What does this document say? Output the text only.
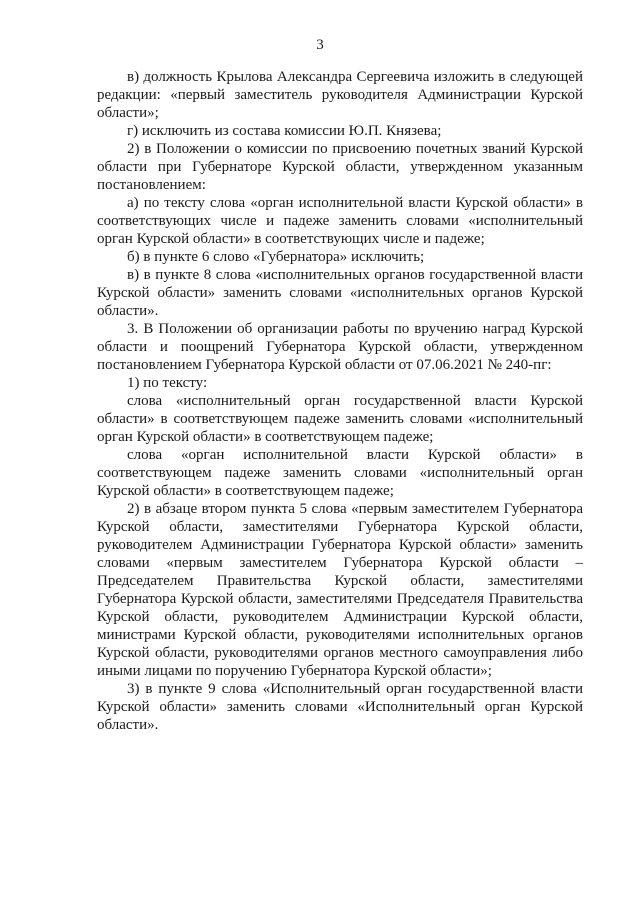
3

в) должность Крылова Александра Сергеевича изложить в следующей редакции: «первый заместитель руководителя Администрации Курской области»;

г) исключить из состава комиссии Ю.П. Князева;

2) в Положении о комиссии по присвоению почетных званий Курской области при Губернаторе Курской области, утвержденном указанным постановлением:

а) по тексту слова «орган исполнительной власти Курской области» в соответствующих числе и падеже заменить словами «исполнительный орган Курской области» в соответствующих числе и падеже;

б) в пункте 6 слово «Губернатора» исключить;

в) в пункте 8 слова «исполнительных органов государственной власти Курской области» заменить словами «исполнительных органов Курской области».

3. В Положении об организации работы по вручению наград Курской области и поощрений Губернатора Курской области, утвержденном постановлением Губернатора Курской области от 07.06.2021 № 240-пг:

1) по тексту:

слова «исполнительный орган государственной власти Курской области» в соответствующем падеже заменить словами «исполнительный орган Курской области» в соответствующем падеже;

слова «орган исполнительной власти Курской области» в соответствующем падеже заменить словами «исполнительный орган Курской области» в соответствующем падеже;

2) в абзаце втором пункта 5 слова «первым заместителем Губернатора Курской области, заместителями Губернатора Курской области, руководителем Администрации Губернатора Курской области» заменить словами «первым заместителем Губернатора Курской области – Председателем Правительства Курской области, заместителями Губернатора Курской области, заместителями Председателя Правительства Курской области, руководителем Администрации Курской области, министрами Курской области, руководителями исполнительных органов Курской области, руководителями органов местного самоуправления либо иными лицами по поручению Губернатора Курской области»;

3) в пункте 9 слова «Исполнительный орган государственной власти Курской области» заменить словами «Исполнительный орган Курской области».
